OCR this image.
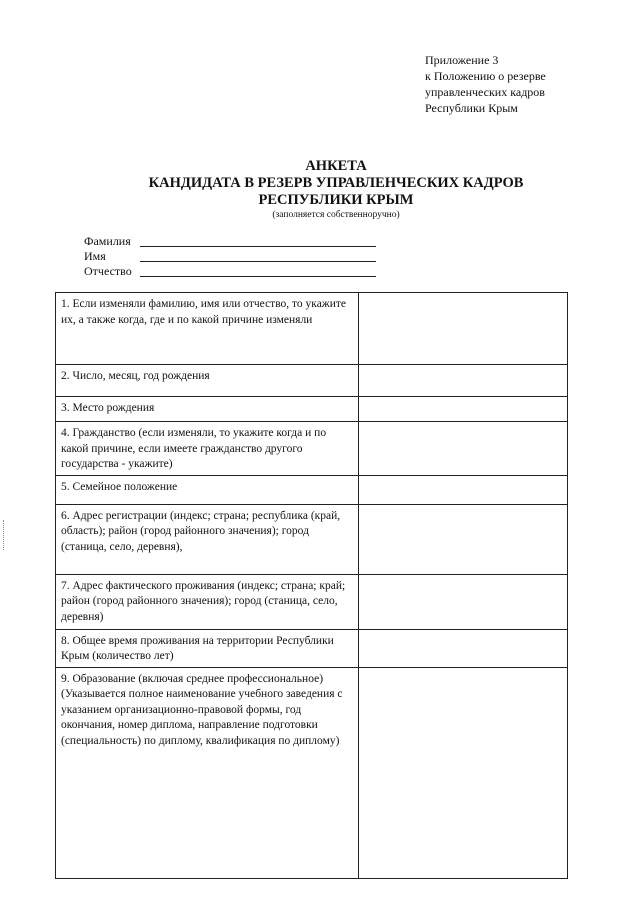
Приложение 3
к Положению о резерве
управленческих кадров
Республики Крым
АНКЕТА
КАНДИДАТА В РЕЗЕРВ УПРАВЛЕНЧЕСКИХ КАДРОВ
РЕСПУБЛИКИ КРЫМ
(заполняется собственноручно)
Фамилия
Имя
Отчество
1. Если изменяли фамилию, имя или отчество, то укажите их, а также когда, где и по какой причине изменяли	
2. Число, месяц, год рождения	
3. Место рождения	
4. Гражданство (если изменяли, то укажите когда и по какой причине, если имеете гражданство другого государства - укажите)	
5. Семейное положение	
6. Адрес регистрации (индекс; страна; республика (край, область); район (город районного значения); город (станица, село, деревня),	
7. Адрес фактического проживания (индекс; страна; край; район (город районного значения); город (станица, село, деревня)	
8. Общее время проживания на территории Республики Крым (количество лет)	
9. Образование (включая среднее профессиональное) (Указывается полное наименование учебного заведения с указанием организационно-правовой формы, год окончания, номер диплома, направление подготовки (специальность) по диплому, квалификация по диплому)	
